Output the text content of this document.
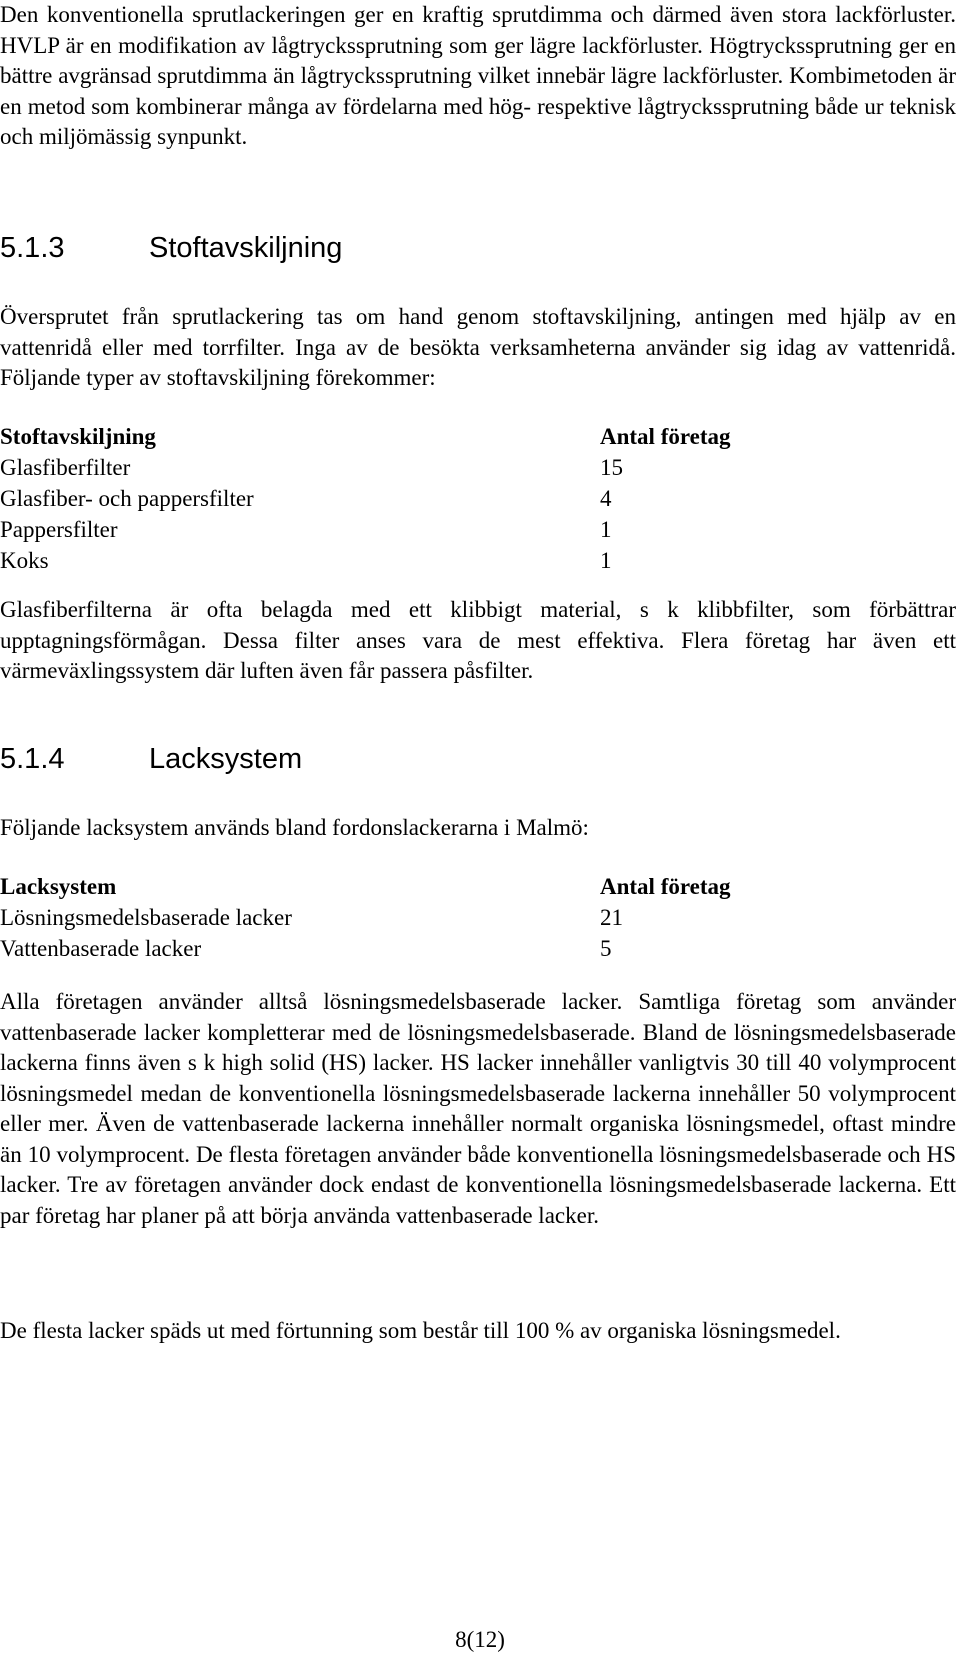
Den konventionella sprutlackeringen ger en kraftig sprutdimma och därmed även stora lackförluster. HVLP är en modifikation av lågtryckssprutning som ger lägre lackförluster. Högtryckssprutning ger en bättre avgränsad sprutdimma än lågtryckssprutning vilket innebär lägre lackförluster. Kombimetoden är en metod som kombinerar många av fördelarna med hög- respektive lågtryckssprutning både ur teknisk och miljömässig synpunkt.

5.1.3	Stoftavskiljning

Översprutet från sprutlackering tas om hand genom stoftavskiljning, antingen med hjälp av en vattenridå eller med torrfilter. Inga av de besökta verksamheterna använder sig idag av vattenridå. Följande typer av stoftavskiljning förekommer:

Stoftavskiljning	Antal företag
Glasfiberfilter	15
Glasfiber- och pappersfilter	4
Pappersfilter	1
Koks	1

Glasfiberfilterna är ofta belagda med ett klibbigt material, s k klibbfilter, som förbättrar upptagningsförmågan. Dessa filter anses vara de mest effektiva. Flera företag har även ett värmeväxlingssystem där luften även får passera påsfilter.

5.1.4	Lacksystem

Följande lacksystem används bland fordonslackerarna i Malmö:

Lacksystem	Antal företag
Lösningsmedelsbaserade lacker	21
Vattenbaserade lacker	5

Alla företagen använder alltså lösningsmedelsbaserade lacker. Samtliga företag som använder vattenbaserade lacker kompletterar med de lösningsmedelsbaserade. Bland de lösningsmedelsbaserade lackerna finns även s k high solid (HS) lacker. HS lacker innehåller vanligtvis 30 till 40 volymprocent lösningsmedel medan de konventionella lösningsmedelsbaserade lackerna innehåller 50 volymprocent eller mer. Även de vattenbaserade lackerna innehåller normalt organiska lösningsmedel, oftast mindre än 10 volymprocent. De flesta företagen använder både konventionella lösningsmedelsbaserade och HS lacker. Tre av företagen använder dock endast de konventionella lösningsmedelsbaserade lackerna. Ett par företag har planer på att börja använda vattenbaserade lacker.

De flesta lacker späds ut med förtunning som består till 100 % av organiska lösningsmedel.

8(12)
